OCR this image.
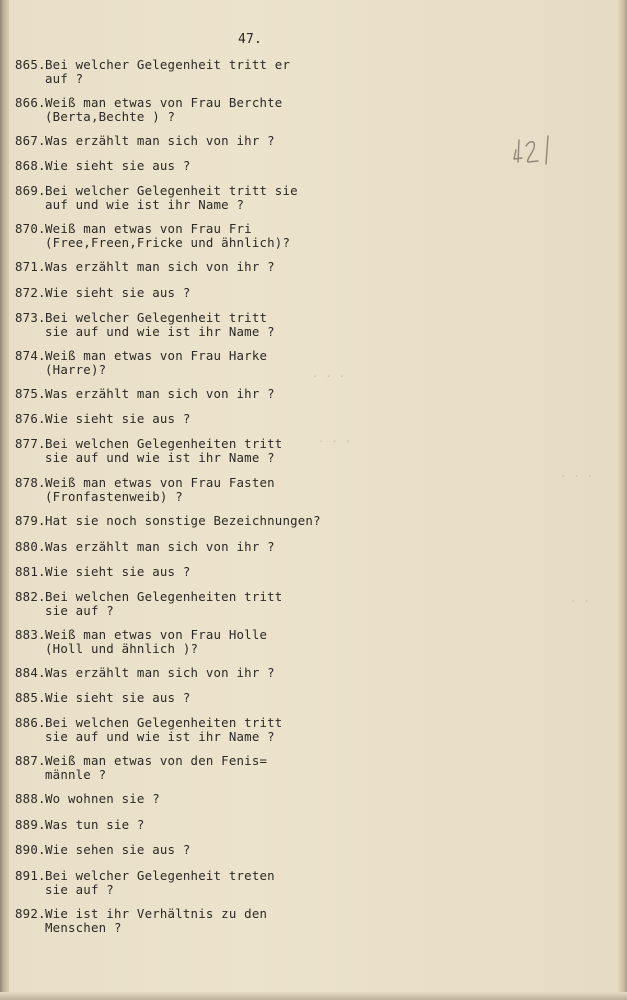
· · ·
· · ·
· · ·
· ·
47.
865.Bei welcher Gelegenheit tritt er
auf ?
866.Weiß man etwas von Frau Berchte
(Berta,Bechte ) ?
867.Was erzählt man sich von ihr ?
868.Wie sieht sie aus ?
869.Bei welcher Gelegenheit tritt sie
auf und wie ist ihr Name ?
870.Weiß man etwas von Frau Fri
(Free,Freen,Fricke und ähnlich)?
871.Was erzählt man sich von ihr ?
872.Wie sieht sie aus ?
873.Bei welcher Gelegenheit tritt
sie auf und wie ist ihr Name ?
874.Weiß man etwas von Frau Harke
(Harre)?
875.Was erzählt man sich von ihr ?
876.Wie sieht sie aus ?
877.Bei welchen Gelegenheiten tritt
sie auf und wie ist ihr Name ?
878.Weiß man etwas von Frau Fasten
(Fronfastenweib) ?
879.Hat sie noch sonstige Bezeichnungen?
880.Was erzählt man sich von ihr ?
881.Wie sieht sie aus ?
882.Bei welchen Gelegenheiten tritt
sie auf ?
883.Weiß man etwas von Frau Holle
(Holl und ähnlich )?
884.Was erzählt man sich von ihr ?
885.Wie sieht sie aus ?
886.Bei welchen Gelegenheiten tritt
sie auf und wie ist ihr Name ?
887.Weiß man etwas von den Fenis=
männle ?
888.Wo wohnen sie ?
889.Was tun sie ?
890.Wie sehen sie aus ?
891.Bei welcher Gelegenheit treten
sie auf ?
892.Wie ist ihr Verhältnis zu den
Menschen ?
